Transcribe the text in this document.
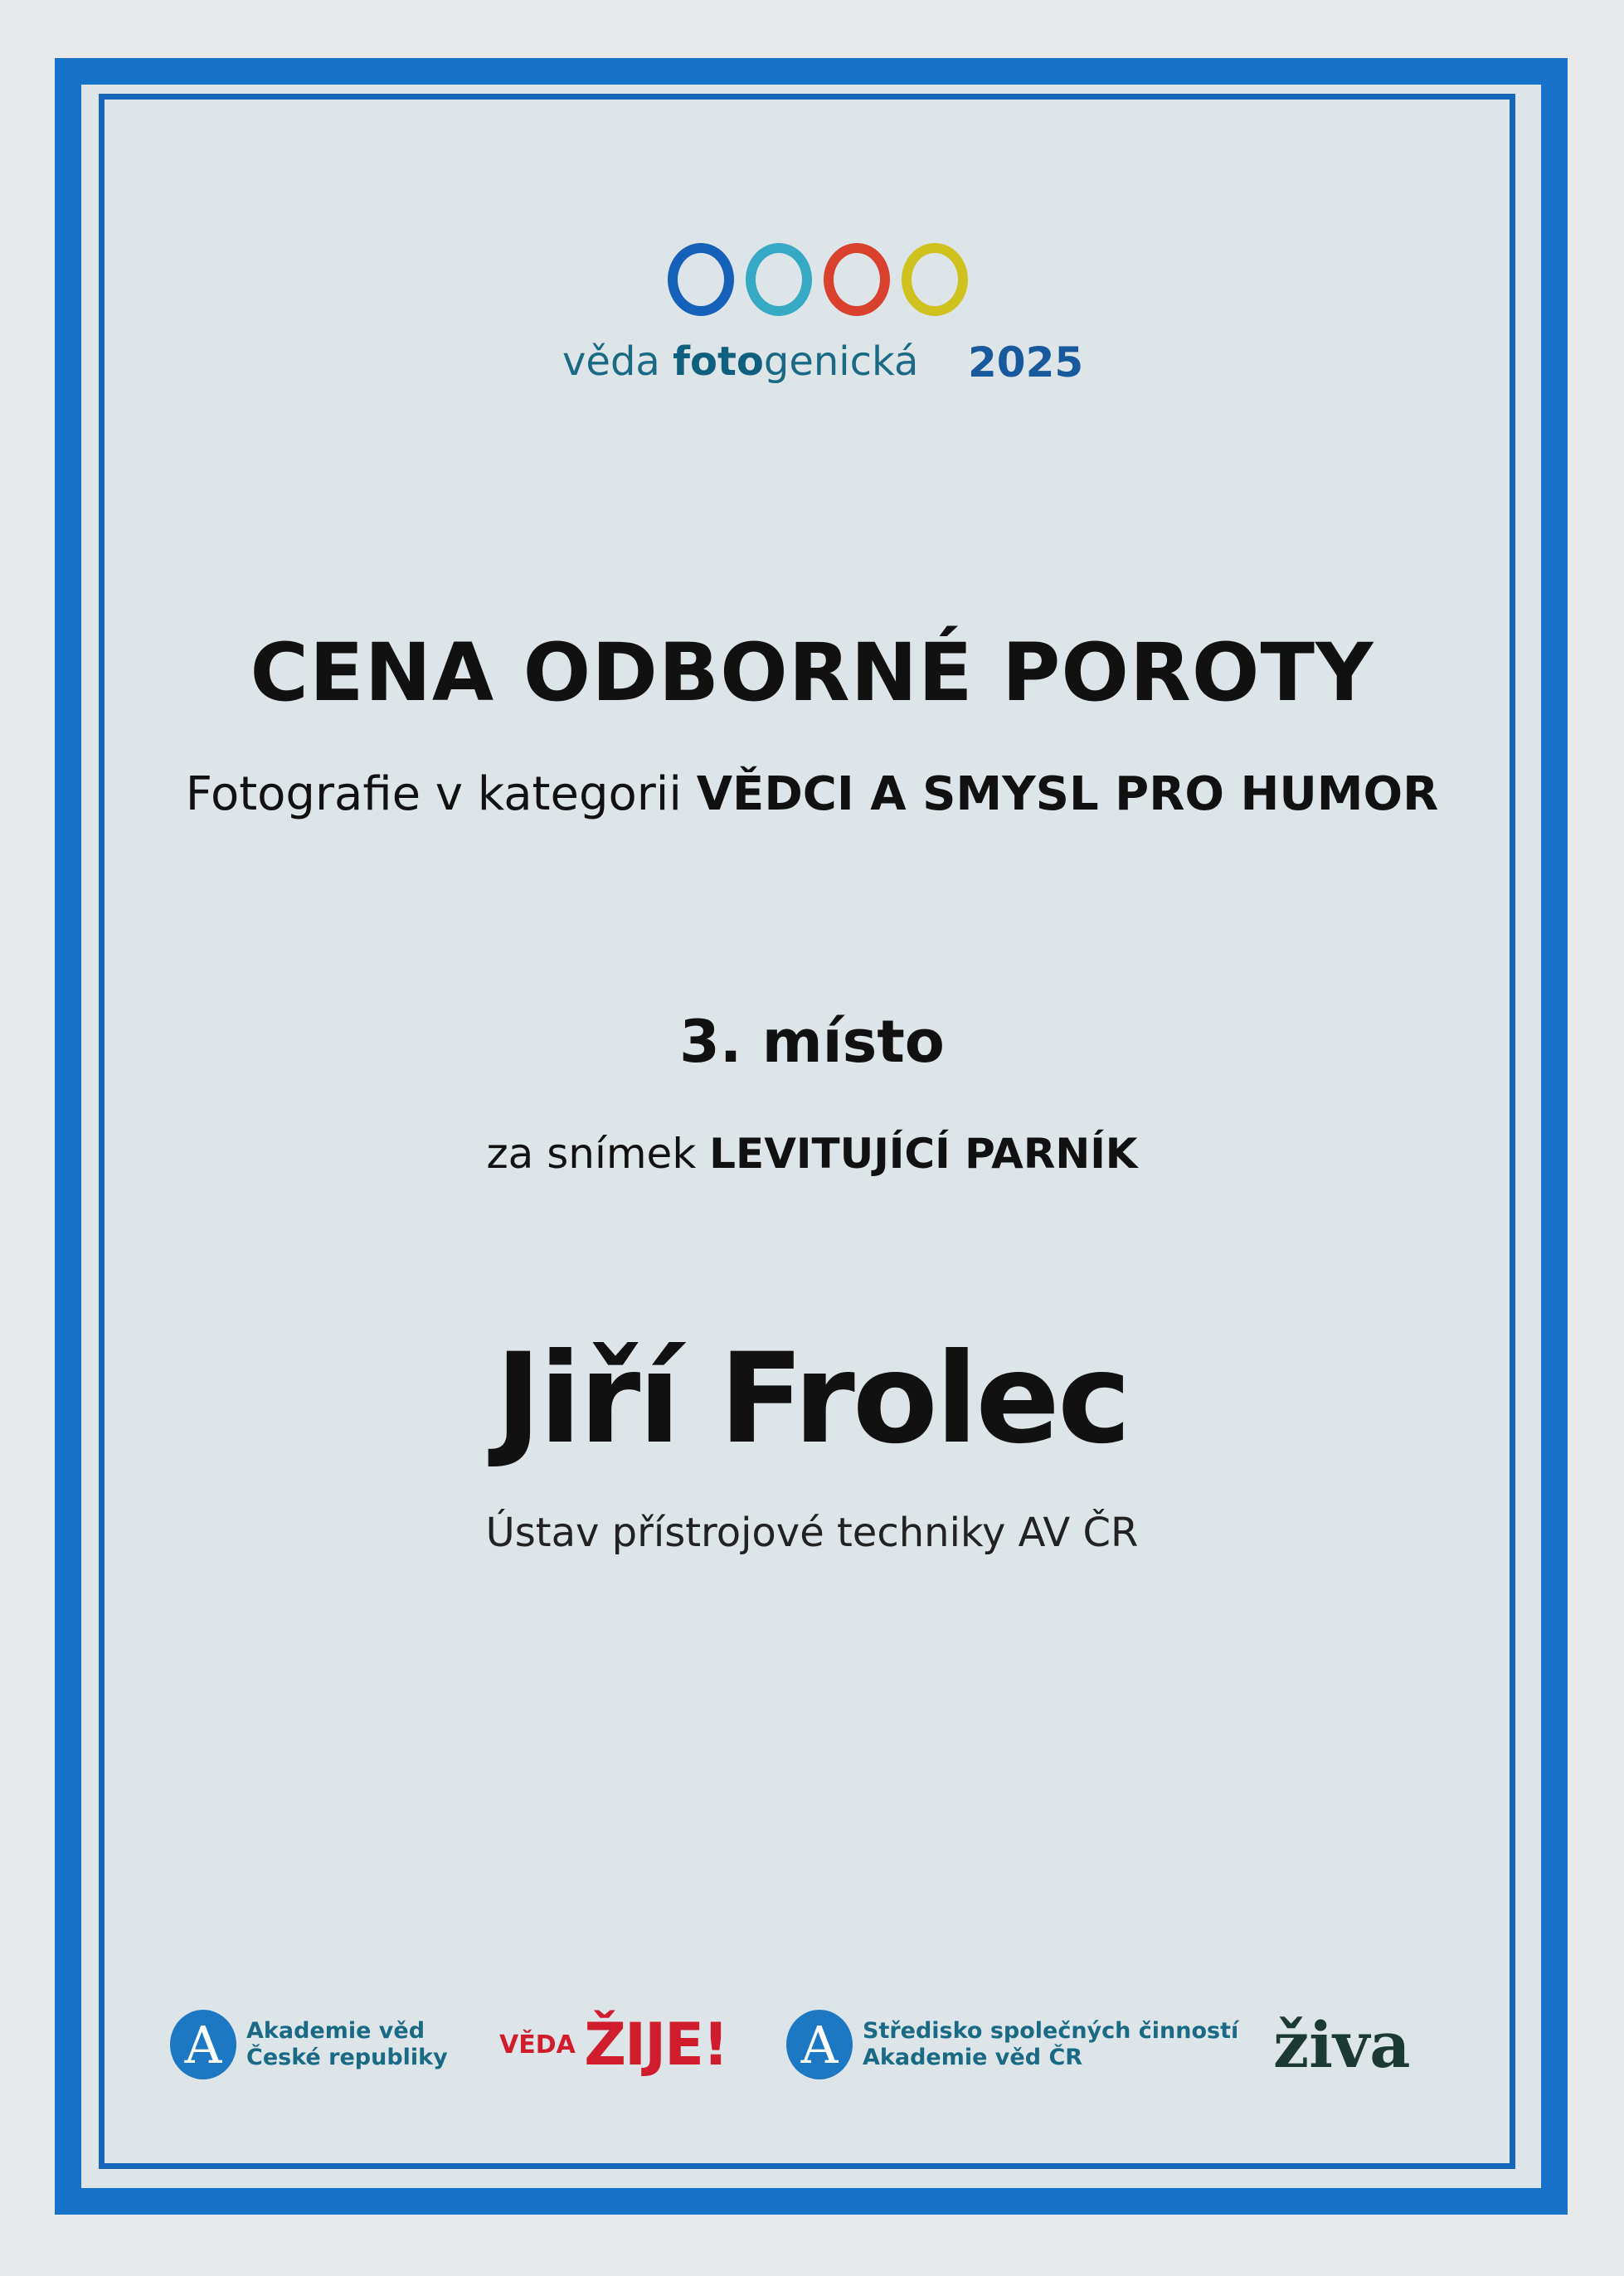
věda fotogenická 2025
CENA ODBORNÉ POROTY
Fotografie v kategorii VĚDCI A SMYSL PRO HUMOR
3. místo
za snímek LEVITUJÍCÍ PARNÍK
Jiří Frolec
Ústav přístrojové techniky AV ČR
A	Akademie věd
České republiky VĚDA
ŽIJE! A	Středisko společných činností
Akademie věd ČR	živa
